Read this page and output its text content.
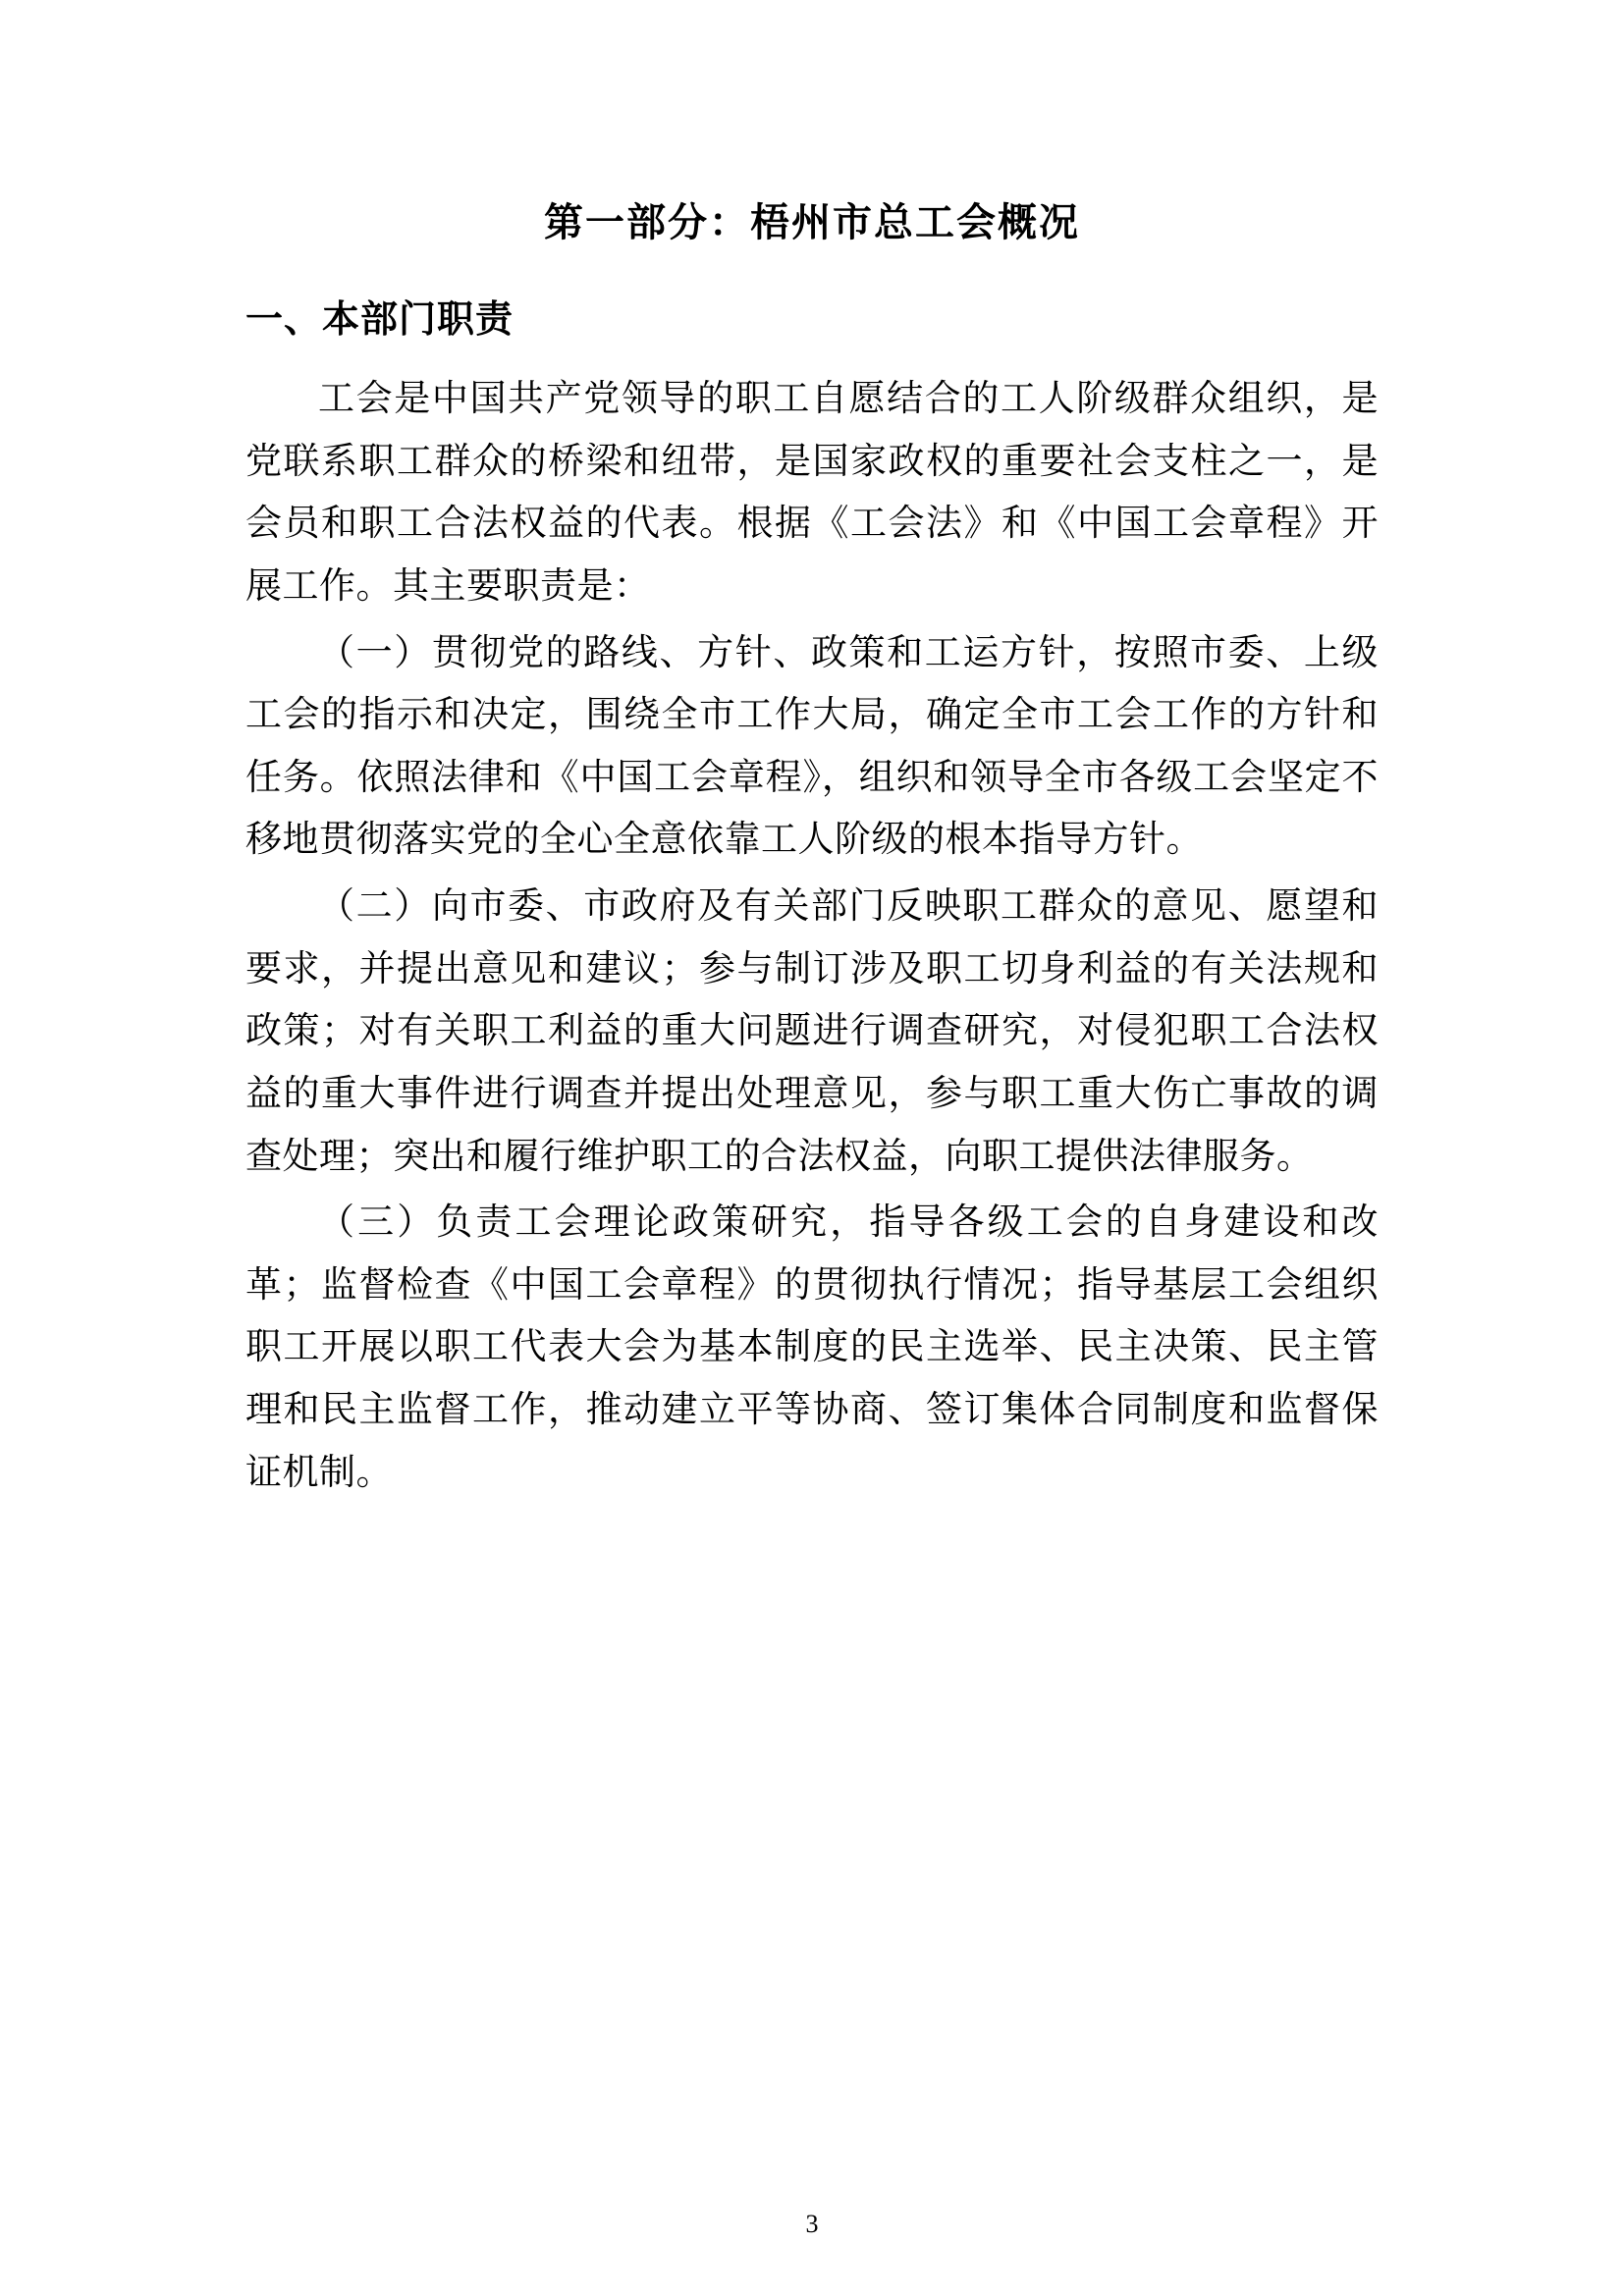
第一部分：梧州市总工会概况
一、本部门职责

工会是中国共产党领导的职工自愿结合的工人阶级群众组织，是党联系职工群众的桥梁和纽带，是国家政权的重要社会支柱之一，是会员和职工合法权益的代表。根据《工会法》和《中国工会章程》开展工作。其主要职责是：

（一）贯彻党的路线、方针、政策和工运方针，按照市委、上级工会的指示和决定，围绕全市工作大局，确定全市工会工作的方针和任务。依照法律和《中国工会章程》，组织和领导全市各级工会坚定不移地贯彻落实党的全心全意依靠工人阶级的根本指导方针。

（二）向市委、市政府及有关部门反映职工群众的意见、愿望和要求，并提出意见和建议；参与制订涉及职工切身利益的有关法规和政策；对有关职工利益的重大问题进行调查研究，对侵犯职工合法权益的重大事件进行调查并提出处理意见，参与职工重大伤亡事故的调查处理；突出和履行维护职工的合法权益，向职工提供法律服务。

（三）负责工会理论政策研究，指导各级工会的自身建设和改革；监督检查《中国工会章程》的贯彻执行情况；指导基层工会组织职工开展以职工代表大会为基本制度的民主选举、民主决策、民主管理和民主监督工作，推动建立平等协商、签订集体合同制度和监督保证机制。

3
